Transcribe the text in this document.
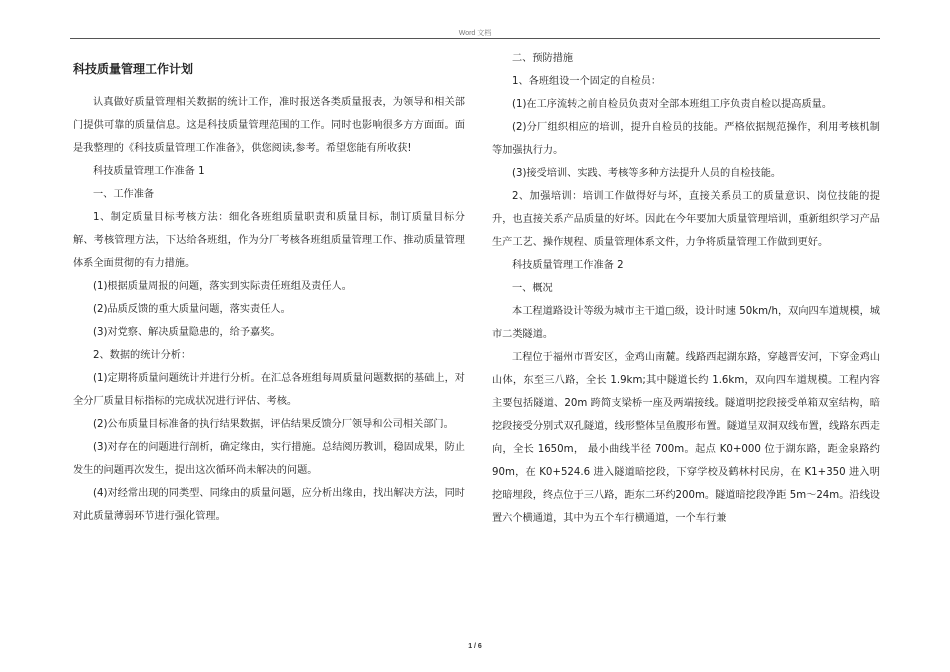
Word 文档
科技质量管理工作计划

认真做好质量管理相关数据的统计工作，准时报送各类质量报表，为领导和相关部门提供可靠的质量信息。这是科技质量管理范围的工作。同时也影响很多方方面面。面是我整理的《科技质量管理工作准备》，供您阅读,参考。希望您能有所收获!

科技质量管理工作准备 1

一、工作准备

1、制定质量目标考核方法：细化各班组质量职责和质量目标，制订质量目标分解、考核管理方法，下达给各班组，作为分厂考核各班组质量管理工作、推动质量管理体系全面贯彻的有力措施。

(1)根据质量周报的问题，落实到实际责任班组及责任人。

(2)品质反馈的重大质量问题，落实责任人。

(3)对党察、解决质量隐患的，给予嘉奖。

2、数据的统计分析：

(1)定期将质量问题统计并进行分析。在汇总各班组每周质量问题数据的基础上，对全分厂质量目标指标的完成状况进行评估、考核。

(2)公布质量目标准备的执行结果数据，评估结果反馈分厂领导和公司相关部门。

(3)对存在的问题进行剖析，确定缘由，实行措施。总结阅历教训，稳固成果，防止发生的问题再次发生，提出这次循环尚未解决的问题。

(4)对经常出现的同类型、同缘由的质量问题，应分析出缘由，找出解决方法，同时对此质量薄弱环节进行强化管理。

二、预防措施

1、各班组设一个固定的自检员：

(1)在工序流转之前自检员负责对全部本班组工序负责自检以提高质量。

(2)分厂组织相应的培训，提升自检员的技能。严格依据规范操作，利用考核机制等加强执行力。

(3)接受培训、实践、考核等多种方法提升人员的自检技能。

2、加强培训：培训工作做得好与坏，直接关系员工的质量意识、岗位技能的提升，也直接关系产品质量的好坏。因此在今年要加大质量管理培训，重新组织学习产品生产工艺、操作规程、质量管理体系文件，力争将质量管理工作做到更好。

科技质量管理工作准备 2

一、概况

本工程道路设计等级为城市主干道□级，设计时速 50km/h，双向四车道规模，城市二类隧道。

工程位于福州市晋安区，金鸡山南麓。线路西起湖东路，穿越晋安河，下穿金鸡山山体，东至三八路，全长 1.9km;其中隧道长约 1.6km，双向四车道规模。工程内容主要包括隧道、20m 跨简支梁桥一座及两端接线。隧道明挖段接受单箱双室结构，暗挖段接受分别式双孔隧道，线形整体呈鱼腹形布置。隧道呈双洞双线布置，线路东西走向，全长 1650m， 最小曲线半径 700m。起点 K0+000 位于湖东路，距金泉路约 90m，在 K0+524.6 进入隧道暗挖段，下穿学校及鹤林村民房，在 K1+350 进入明挖暗埋段，终点位于三八路，距东二环约200m。隧道暗挖段净距 5m～24m。沿线设置六个横通道，其中为五个车行横通道，一个车行兼

1 / 6
